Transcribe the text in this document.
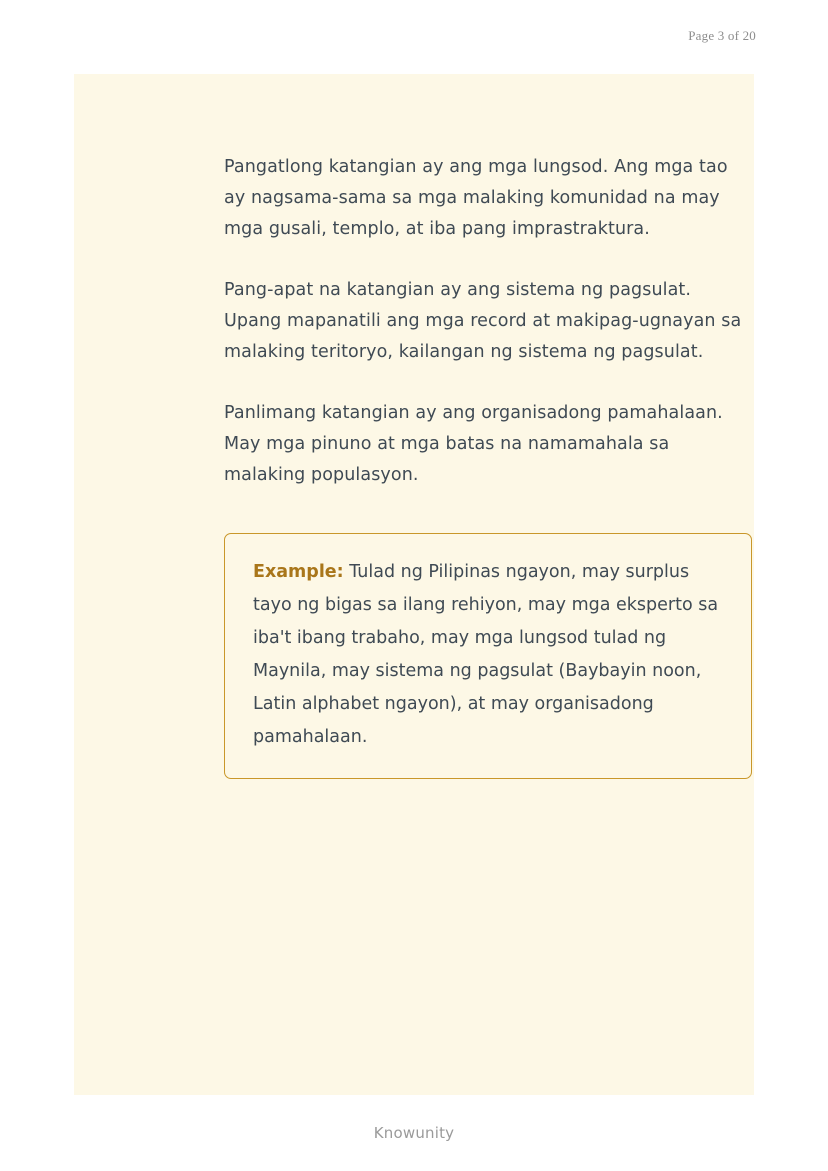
Page 3 of 20

Pangatlong katangian ay ang mga lungsod. Ang mga tao ay nagsama-sama sa mga malaking komunidad na may mga gusali, templo, at iba pang imprastraktura.

Pang-apat na katangian ay ang sistema ng pagsulat. Upang mapanatili ang mga record at makipag-ugnayan sa malaking teritoryo, kailangan ng sistema ng pagsulat.

Panlimang katangian ay ang organisadong pamahalaan. May mga pinuno at mga batas na namamahala sa malaking populasyon.

Example: Tulad ng Pilipinas ngayon, may surplus tayo ng bigas sa ilang rehiyon, may mga eksperto sa iba't ibang trabaho, may mga lungsod tulad ng Maynila, may sistema ng pagsulat (Baybayin noon, Latin alphabet ngayon), at may organisadong pamahalaan.

Knowunity
